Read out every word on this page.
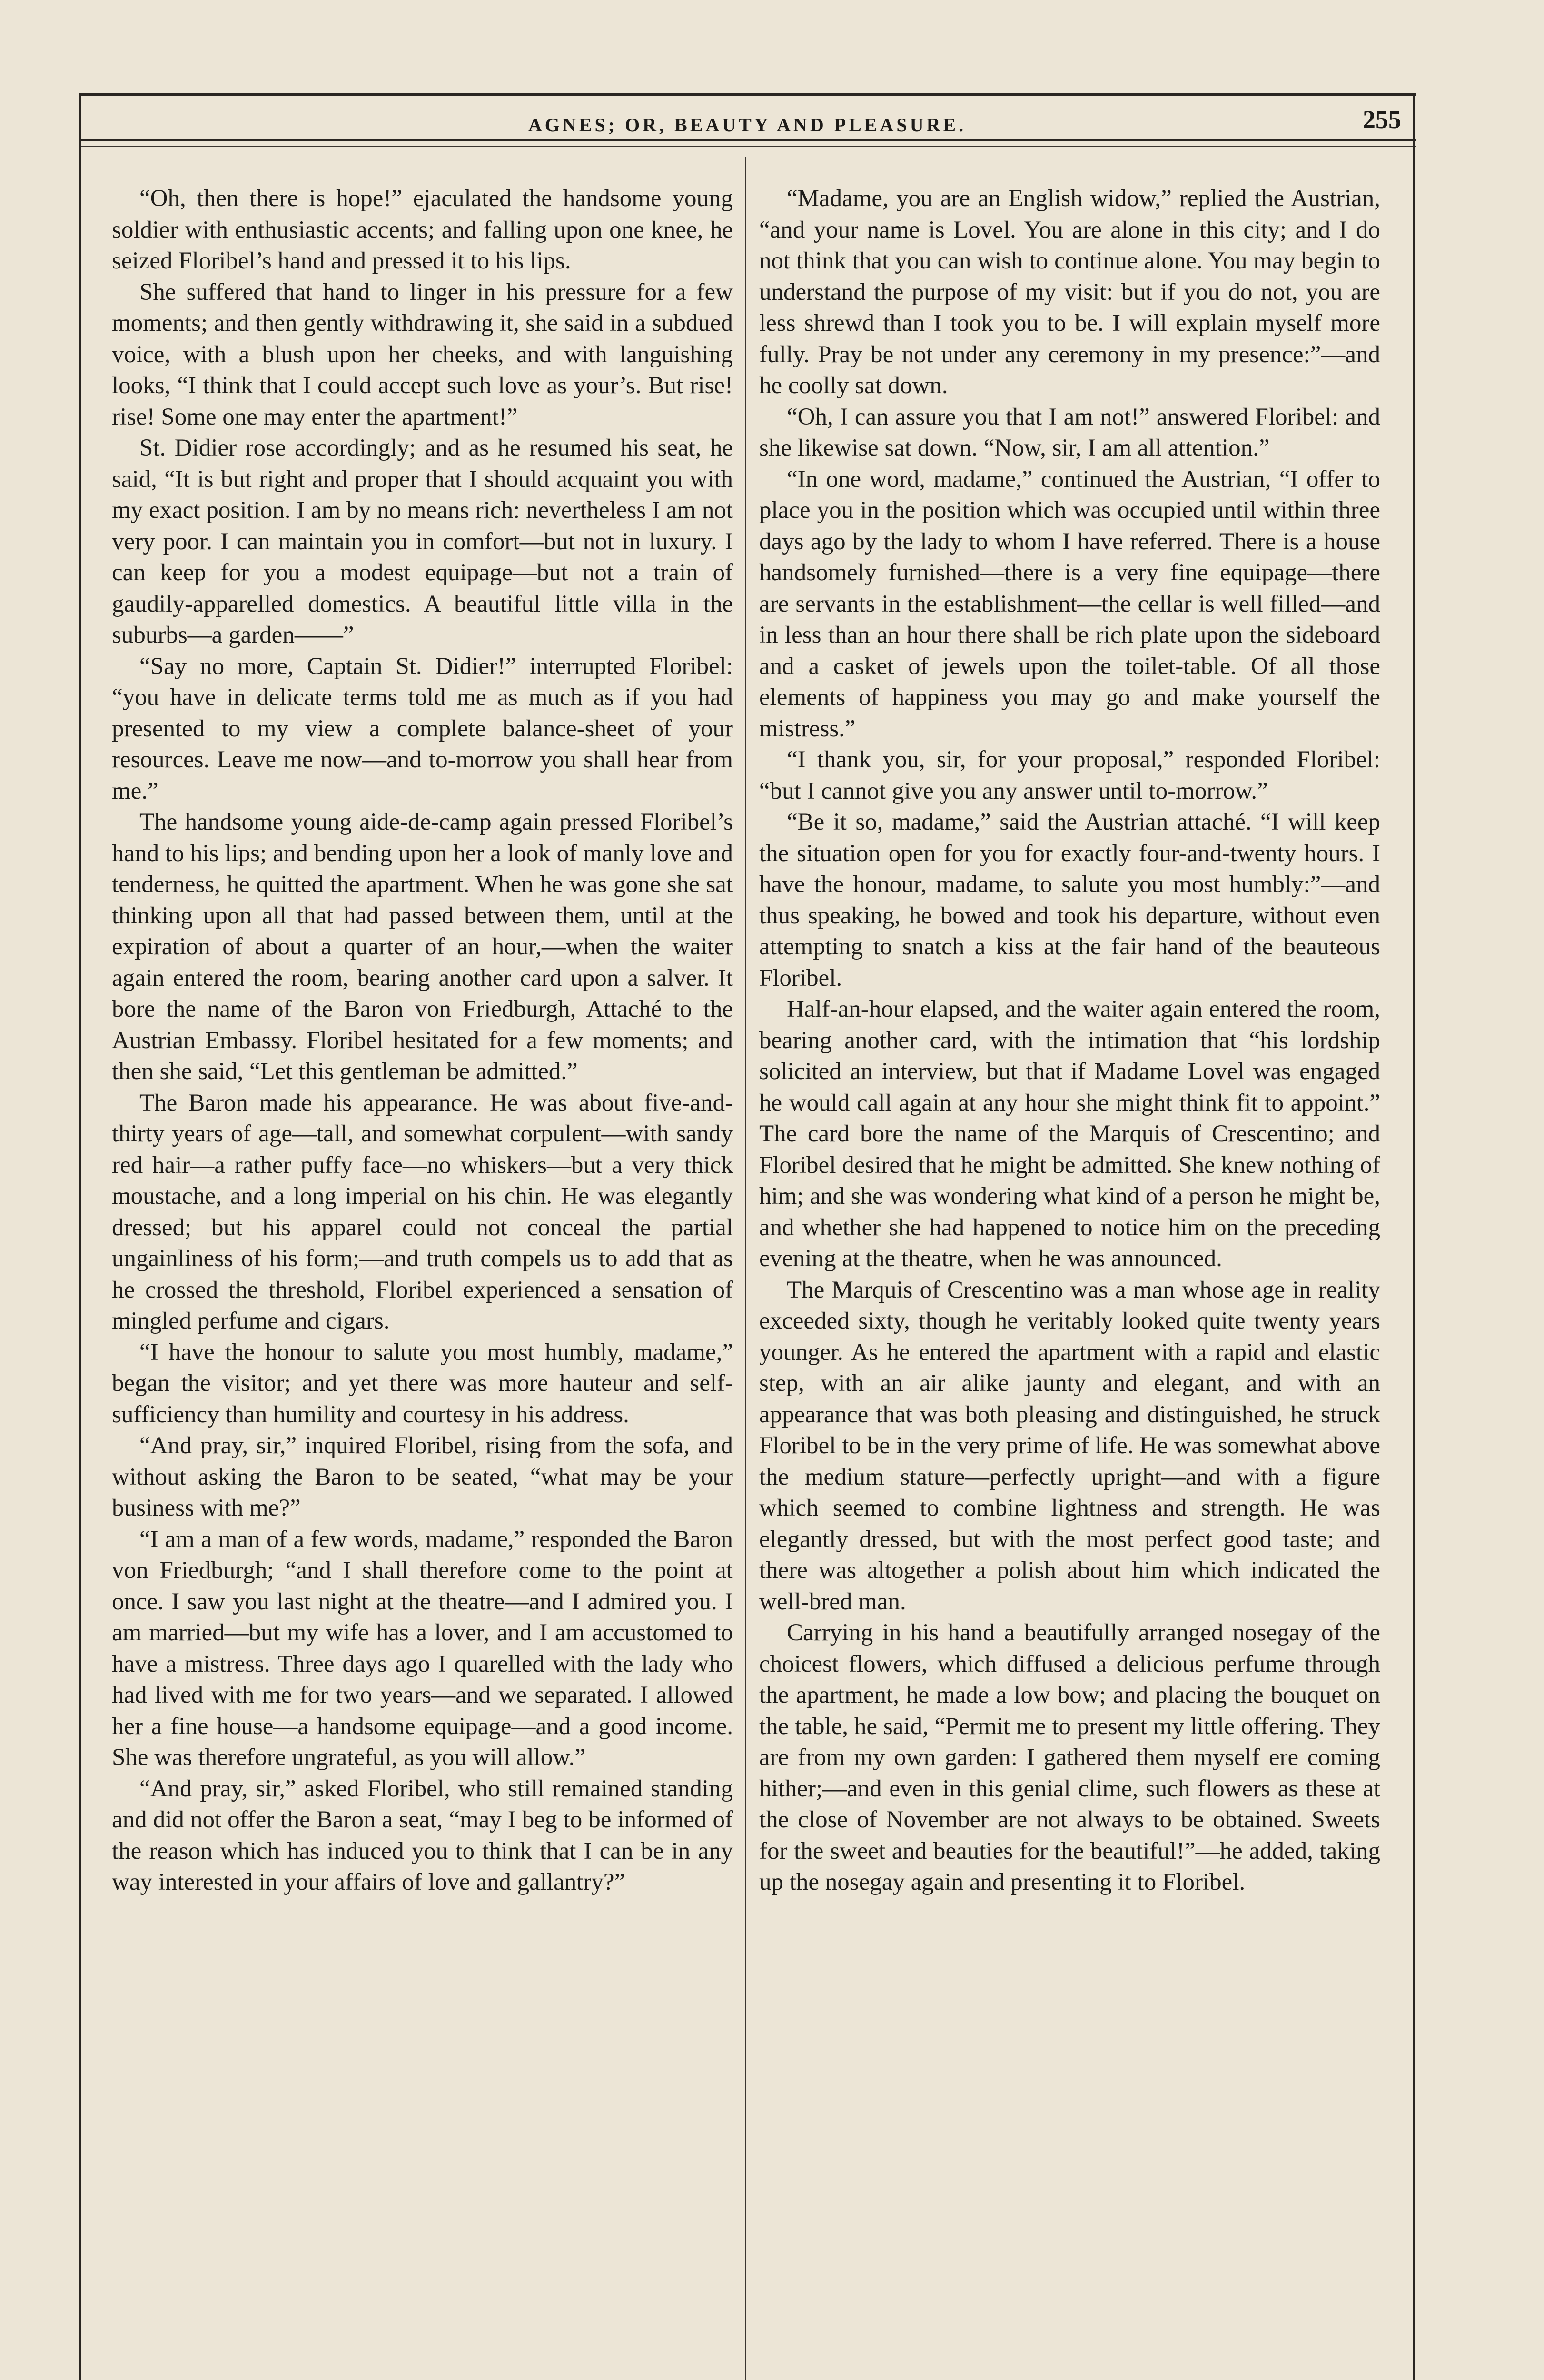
AGNES; OR, BEAUTY AND PLEASURE.	255

“Oh, then there is hope!” ejaculated the handsome young soldier with enthusiastic accents; and falling upon one knee, he seized Floribel’s hand and pressed it to his lips.

She suffered that hand to linger in his pressure for a few moments; and then gently withdrawing it, she said in a subdued voice, with a blush upon her cheeks, and with languishing looks, “I think that I could accept such love as your’s. But rise! rise! Some one may enter the apartment!”

St. Didier rose accordingly; and as he resumed his seat, he said, “It is but right and proper that I should acquaint you with my exact position. I am by no means rich: nevertheless I am not very poor. I can maintain you in comfort—but not in luxury. I can keep for you a modest equipage—but not a train of gaudily-apparelled domestics. A beautiful little villa in the suburbs—a garden——”

“Say no more, Captain St. Didier!” interrupted Floribel: “you have in delicate terms told me as much as if you had presented to my view a complete balance-sheet of your resources. Leave me now—and to-morrow you shall hear from me.”

The handsome young aide-de-camp again pressed Floribel’s hand to his lips; and bending upon her a look of manly love and tenderness, he quitted the apartment. When he was gone she sat thinking upon all that had passed between them, until at the expiration of about a quarter of an hour,—when the waiter again entered the room, bearing another card upon a salver. It bore the name of the Baron von Friedburgh, Attaché to the Austrian Embassy. Floribel hesitated for a few moments; and then she said, “Let this gentleman be admitted.”

The Baron made his appearance. He was about five-and-thirty years of age—tall, and somewhat corpulent—with sandy red hair—a rather puffy face—no whiskers—but a very thick moustache, and a long imperial on his chin. He was elegantly dressed; but his apparel could not conceal the partial ungainliness of his form;—and truth compels us to add that as he crossed the threshold, Floribel experienced a sensation of mingled perfume and cigars.

“I have the honour to salute you most humbly, madame,” began the visitor; and yet there was more hauteur and self-sufficiency than humility and courtesy in his address.

“And pray, sir,” inquired Floribel, rising from the sofa, and without asking the Baron to be seated, “what may be your business with me?”

“I am a man of a few words, madame,” responded the Baron von Friedburgh; “and I shall therefore come to the point at once. I saw you last night at the theatre—and I admired you. I am married—but my wife has a lover, and I am accustomed to have a mistress. Three days ago I quarelled with the lady who had lived with me for two years—and we separated. I allowed her a fine house—a handsome equipage—and a good income. She was therefore ungrateful, as you will allow.”

“And pray, sir,” asked Floribel, who still remained standing and did not offer the Baron a seat, “may I beg to be informed of the reason which has induced you to think that I can be in any way interested in your affairs of love and gallantry?”

“Madame, you are an English widow,” replied the Austrian, “and your name is Lovel. You are alone in this city; and I do not think that you can wish to continue alone. You may begin to understand the purpose of my visit: but if you do not, you are less shrewd than I took you to be. I will explain myself more fully. Pray be not under any ceremony in my presence:”—and he coolly sat down.

“Oh, I can assure you that I am not!” answered Floribel: and she likewise sat down. “Now, sir, I am all attention.”

“In one word, madame,” continued the Austrian, “I offer to place you in the position which was occupied until within three days ago by the lady to whom I have referred. There is a house handsomely furnished—there is a very fine equipage—there are servants in the establishment—the cellar is well filled—and in less than an hour there shall be rich plate upon the sideboard and a casket of jewels upon the toilet-table. Of all those elements of happiness you may go and make yourself the mistress.”

“I thank you, sir, for your proposal,” responded Floribel: “but I cannot give you any answer until to-morrow.”

“Be it so, madame,” said the Austrian attaché. “I will keep the situation open for you for exactly four-and-twenty hours. I have the honour, madame, to salute you most humbly:”—and thus speaking, he bowed and took his departure, without even attempting to snatch a kiss at the fair hand of the beauteous Floribel.

Half-an-hour elapsed, and the waiter again entered the room, bearing another card, with the intimation that “his lordship solicited an interview, but that if Madame Lovel was engaged he would call again at any hour she might think fit to appoint.” The card bore the name of the Marquis of Crescentino; and Floribel desired that he might be admitted. She knew nothing of him; and she was wondering what kind of a person he might be, and whether she had happened to notice him on the preceding evening at the theatre, when he was announced.

The Marquis of Crescentino was a man whose age in reality exceeded sixty, though he veritably looked quite twenty years younger. As he entered the apartment with a rapid and elastic step, with an air alike jaunty and elegant, and with an appearance that was both pleasing and distinguished, he struck Floribel to be in the very prime of life. He was somewhat above the medium stature—perfectly upright—and with a figure which seemed to combine lightness and strength. He was elegantly dressed, but with the most perfect good taste; and there was altogether a polish about him which indicated the well-bred man.

Carrying in his hand a beautifully arranged nosegay of the choicest flowers, which diffused a delicious perfume through the apartment, he made a low bow; and placing the bouquet on the table, he said, “Permit me to present my little offering. They are from my own garden: I gathered them myself ere coming hither;—and even in this genial clime, such flowers as these at the close of November are not always to be obtained. Sweets for the sweet and beauties for the beautiful!”—he added, taking up the nosegay again and presenting it to Floribel.
